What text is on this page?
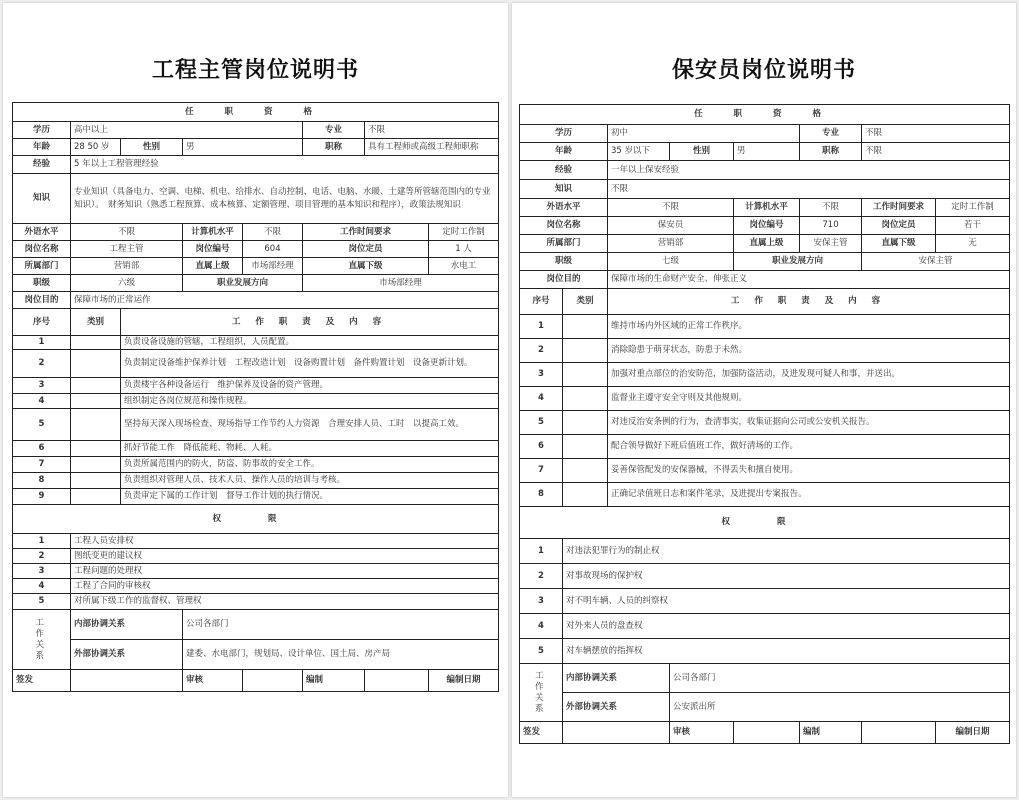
工程主管岗位说明书
任 职 资 格							
学历	高中以上				专业	不限	
年龄	28 50 岁	性别	男		职称	具有工程师或高级工程师职称	
经验	5 年以上工程管理经验						
知识	专业知识（具备电力、空调、电梯、机电、给排水、自动控制、电话、电脑、水暖、土建等所管辖范围内的专业知识）。　财务知识（熟悉工程预算、成本核算、定额管理、项目管理的基本知识和程序），政策法规知识						
外语水平	不限		计算机水平	不限	工作时间要求		定时工作制
岗位名称	工程主管		岗位编号	604	岗位定员		1 人
所属部门	营销部		直属上级	市场部经理	直属下级		水电工
职级	六级		职业发展方向		市场部经理		
岗位目的	保障市场的正常运作						
序号	类别	工 作 职 责 及 内 容					
1		负责设备设施的管辖，工程组织，人员配置。					
2		负责制定设备维护保养计划　工程改造计划　设备购置计划　备件购置计划　设备更新计划。					
3		负责楼宇各种设备运行　维护保养及设备的资产管理。					
4		组织制定各岗位规范和操作规程。					
5		坚持每天深入现场检查、现场指导工作节约人力资源　合理安排人员、工时　以提高工效。					
6		抓好节能工作　降低能耗、物耗、人耗。					
7		负责所属范围内的防火，防盗、防事故的安全工作。					
8		负责组织对管理人员、技术人员、操作人员的培训与考核。					
9		负责审定下属的工作计划　督导工作计划的执行情况。					
权 限							
1	工程人员安排权						
2	图纸变更的建议权						
3	工程问题的处理权						
4	工程了合同的审核权						
5	对所属下级工作的监督权、管理权						

工作关系	内部协调关系		公司各部门				
	外部协调关系		建委、水电部门，规划局、设计单位、国土局、房产局				
签发			审核		编制		编制日期
保安员岗位说明书
任 职 资 格							
学历		初中			专业	不限	
年龄		35 岁以下	性别	男	职称	不限	
经验		一年以上保安经验					
知识		不限					
外语水平		不限		计算机水平	不限	工作时间要求	定时工作制
岗位名称		保安员		岗位编号	710	岗位定员	若干
所属部门		营销部		直属上级	安保主管	直属下级	无
职级		七级		职业发展方向		安保主管	
岗位目的		保障市场的生命财产安全、伸张正义					
序号	类别	工 作 职 责 及 内 容					
1		维持市场内外区域的正常工作秩序。					
2		消除隐患于萌芽状态，防患于未然。					
3		加强对重点部位的治安防范，加强防盗活动，及进发现可疑人和事，并送出。					
4		监督业主遵守安全守则及其他规则。					
5		对违反治安条例的行为，查清事实，收集证据向公司或公安机关报告。					
6		配合领导做好下班后值班工作，做好清场的工作。					
7		妥善保管配发的安保器械，不得丢失和擅自使用。					
8		正确记录值班日志和案件笔录，及进提出专案报告。					
权 限							
1	对违法犯罪行为的制止权						
2	对事故现场的保护权						
3	对不明车辆、人员的纠察权						
4	对外来人员的盘查权						
5	对车辆摆放的指挥权						

工作关系	内部协调关系		公司各部门				
	外部协调关系		公安派出所				
签发			审核		编制		编制日期
